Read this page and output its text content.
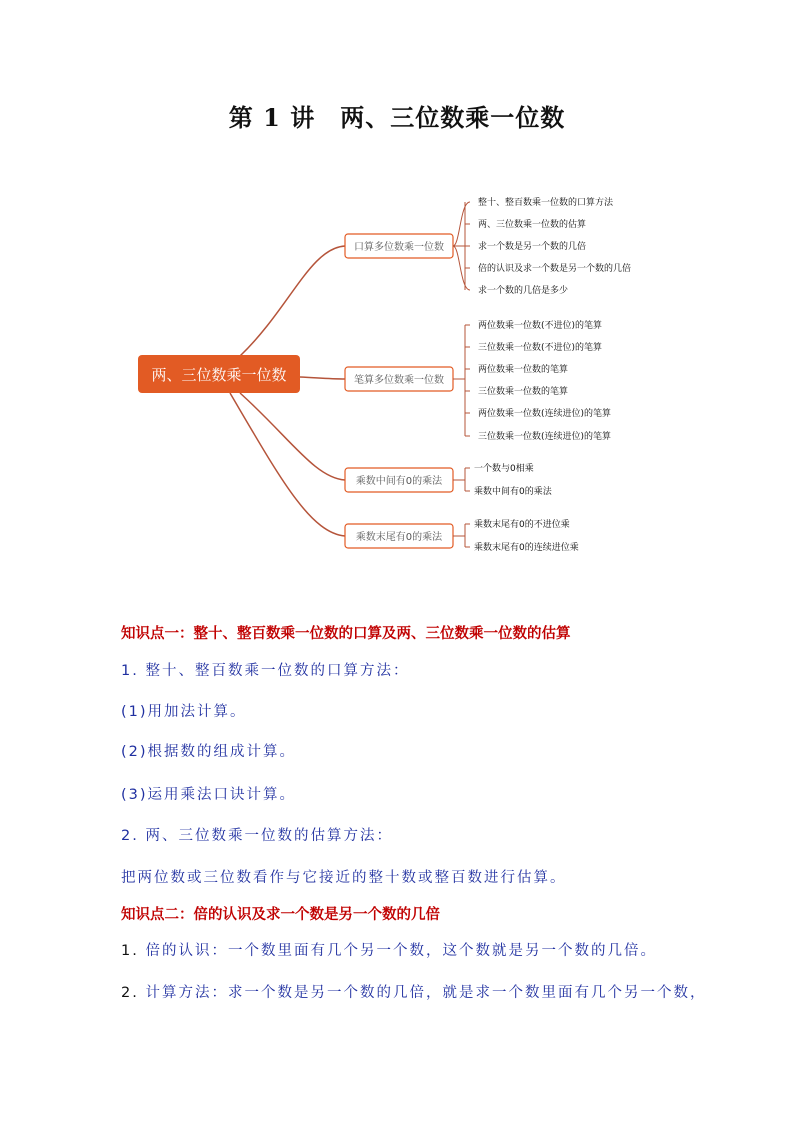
第 1 讲　两、三位数乘一位数
两、三位数乘一位数
口算多位数乘一位数
整十、整百数乘一位数的口算方法
两、三位数乘一位数的估算
求一个数是另一个数的几倍
倍的认识及求一个数是另一个数的几倍
求一个数的几倍是多少
笔算多位数乘一位数
两位数乘一位数(不进位)的笔算
三位数乘一位数(不进位)的笔算
两位数乘一位数的笔算
三位数乘一位数的笔算
两位数乘一位数(连续进位)的笔算
三位数乘一位数(连续进位)的笔算
乘数中间有0的乘法
一个数与0相乘
乘数中间有0的乘法
乘数末尾有0的乘法
乘数末尾有0的不进位乘
乘数末尾有0的连续进位乘
知识点一：整十、整百数乘一位数的口算及两、三位数乘一位数的估算
1. 整十、整百数乘一位数的口算方法：
(1)用加法计算。
(2)根据数的组成计算。
(3)运用乘法口诀计算。
2. 两、三位数乘一位数的估算方法：
把两位数或三位数看作与它接近的整十数或整百数进行估算。
知识点二：倍的认识及求一个数是另一个数的几倍
1. 倍的认识：一个数里面有几个另一个数，这个数就是另一个数的几倍。
2. 计算方法：求一个数是另一个数的几倍，就是求一个数里面有几个另一个数，
